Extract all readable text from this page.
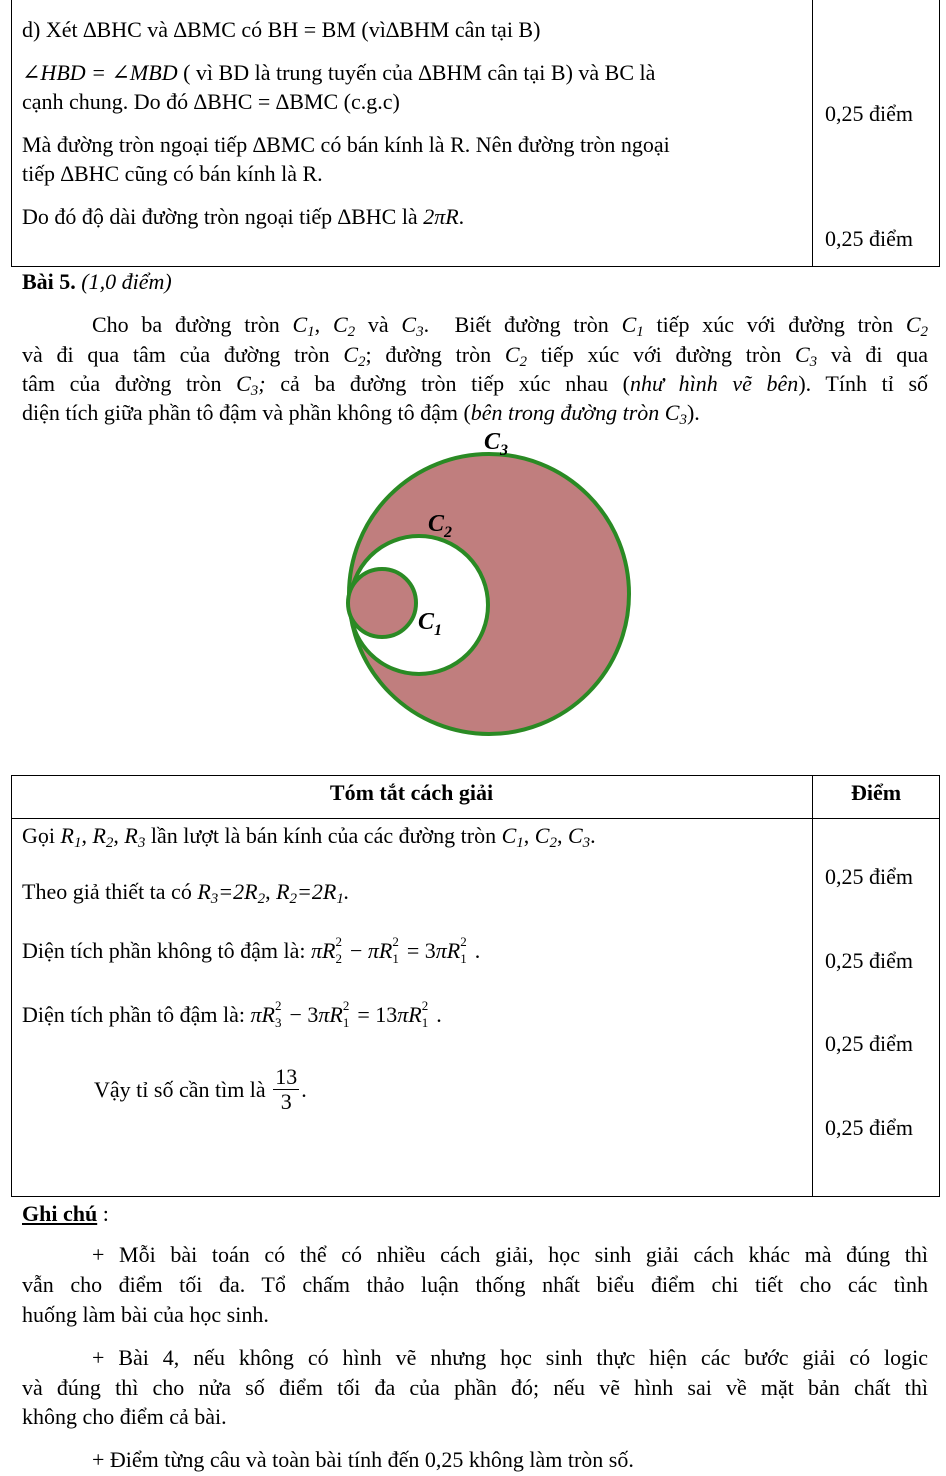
d) Xét ∆BHC và ∆BMC có BH = BM (vì∆BHM cân tại B)
∠HBD = ∠MBD ( vì BD là trung tuyến của ∆BHM cân tại B) và BC là
cạnh chung. Do đó ∆BHC = ∆BMC (c.g.c)
Mà đường tròn ngoại tiếp ∆BMC có bán kính là R. Nên đường tròn ngoại
tiếp ∆BHC cũng có bán kính là R.
Do đó độ dài đường tròn ngoại tiếp ∆BHC là 2πR.
0,25 điểm
0,25 điểm
Bài 5. (1,0 điểm)
Cho ba đường tròn $C_1$, $C_2$ và $C_3$.  Biết đường tròn $C_1$ tiếp xúc với đường tròn $C_2$
và đi qua tâm của đường tròn $C_2$; đường tròn $C_2$ tiếp xúc với đường tròn $C_3$ và đi qua
tâm của đường tròn $C_3$; cả ba đường tròn tiếp xúc nhau (như hình vẽ bên). Tính tỉ số
diện tích giữa phần tô đậm và phần không tô đậm (bên trong đường tròn $C_3$).
$C_3$
$C_2$
$C_1$
Tóm tắt cách giải	Điểm
Gọi $R_1$, $R_2$, $R_3$ lần lượt là bán kính của các đường tròn $C_1$, $C_2$, $C_3$.
Theo giả thiết ta có $R_3=2R_2$, $R_2=2R_1$.
Diện tích phần không tô đậm là: πR 2
2 − πR 2
1 = 3πR 2
1 .
Diện tích phần tô đậm là: πR 2
3 − 3πR 2
1 = 13πR 2
1 .
Vậy tỉ số cần tìm là $\frac{13}{3}$ .
0,25 điểm
0,25 điểm
0,25 điểm
0,25 điểm
Ghi chú :
+ Mỗi bài toán có thể có nhiều cách giải, học sinh giải cách khác mà đúng thì
vẫn cho điểm tối đa. Tổ chấm thảo luận thống nhất biểu điểm chi tiết cho các tình
huống làm bài của học sinh.
+ Bài 4, nếu không có hình vẽ nhưng học sinh thực hiện các bước giải có logic
và đúng thì cho nửa số điểm tối đa của phần đó; nếu vẽ hình sai về mặt bản chất thì
không cho điểm cả bài.
+ Điểm từng câu và toàn bài tính đến 0,25 không làm tròn số.
